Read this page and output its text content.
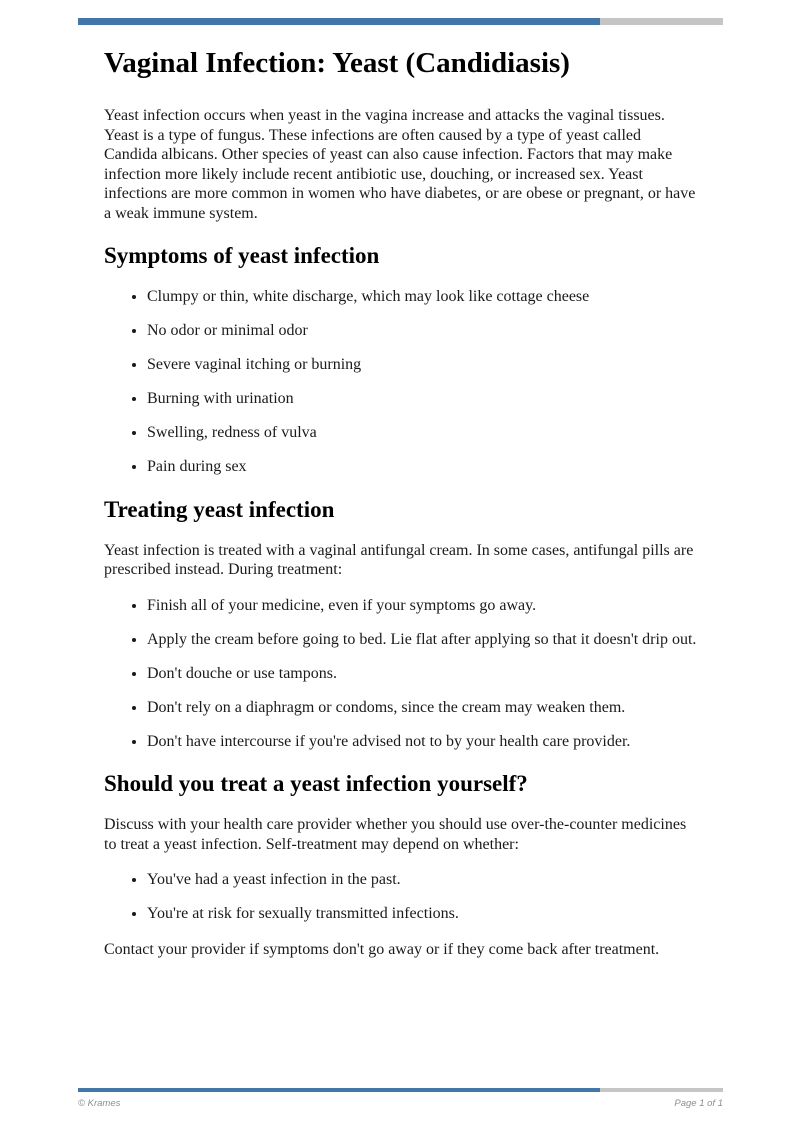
Vaginal Infection: Yeast (Candidiasis)

Yeast infection occurs when yeast in the vagina increase and attacks the vaginal tissues. Yeast is a type of fungus. These infections are often caused by a type of yeast called Candida albicans. Other species of yeast can also cause infection. Factors that may make infection more likely include recent antibiotic use, douching, or increased sex. Yeast infections are more common in women who have diabetes, or are obese or pregnant, or have a weak immune system.

Symptoms of yeast infection
• Clumpy or thin, white discharge, which may look like cottage cheese
• No odor or minimal odor
• Severe vaginal itching or burning
• Burning with urination
• Swelling, redness of vulva
• Pain during sex
Treating yeast infection

Yeast infection is treated with a vaginal antifungal cream. In some cases, antifungal pills are prescribed instead. During treatment:

• Finish all of your medicine, even if your symptoms go away.
• Apply the cream before going to bed. Lie flat after applying so that it doesn't drip out.
• Don't douche or use tampons.
• Don't rely on a diaphragm or condoms, since the cream may weaken them.
• Don't have intercourse if you're advised not to by your health care provider.
Should you treat a yeast infection yourself?

Discuss with your health care provider whether you should use over-the-counter medicines to treat a yeast infection. Self-treatment may depend on whether:

• You've had a yeast infection in the past.
• You're at risk for sexually transmitted infections.

Contact your provider if symptoms don't go away or if they come back after treatment.

© Krames	Page 1 of 1
